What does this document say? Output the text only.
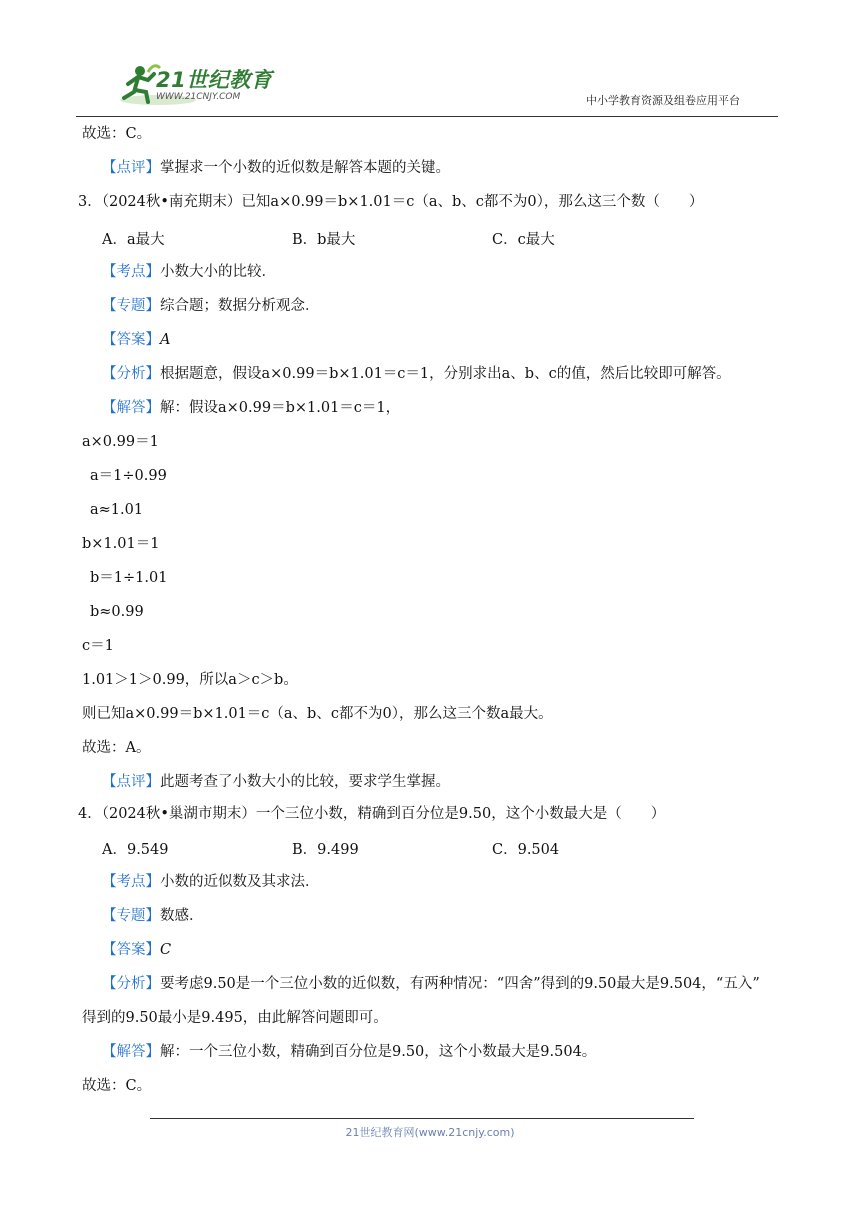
21世纪教育
WWW.21CNJY.COM	中小学教育资源及组卷应用平台
故选：C。
【点评】掌握求一个小数的近似数是解答本题的关键。
3．（2024秋•南充期末）已知a×0.99＝b×1.01＝c（a、b、c都不为0），那么这三个数（　　）
A．a最大	B．b最大	C．c最大
【考点】小数大小的比较．
【专题】综合题；数据分析观念．
【答案】A
【分析】根据题意，假设a×0.99＝b×1.01＝c＝1，分别求出a、b、c的值，然后比较即可解答。
【解答】解：假设a×0.99＝b×1.01＝c＝1，
a×0.99＝1
a＝1÷0.99
a≈1.01
b×1.01＝1
b＝1÷1.01
b≈0.99
c＝1
1.01＞1＞0.99，所以a＞c＞b。
则已知a×0.99＝b×1.01＝c（a、b、c都不为0），那么这三个数a最大。
故选：A。
【点评】此题考查了小数大小的比较，要求学生掌握。
4．（2024秋•巢湖市期末）一个三位小数，精确到百分位是9.50，这个小数最大是（　　）
A．9.549	B．9.499	C．9.504
【考点】小数的近似数及其求法．
【专题】数感．
【答案】C
【分析】要考虑9.50是一个三位小数的近似数，有两种情况：“四舍”得到的9.50最大是9.504，“五入”
得到的9.50最小是9.495，由此解答问题即可。
【解答】解：一个三位小数，精确到百分位是9.50，这个小数最大是9.504。
故选：C。
21世纪教育网(www.21cnjy.com)
